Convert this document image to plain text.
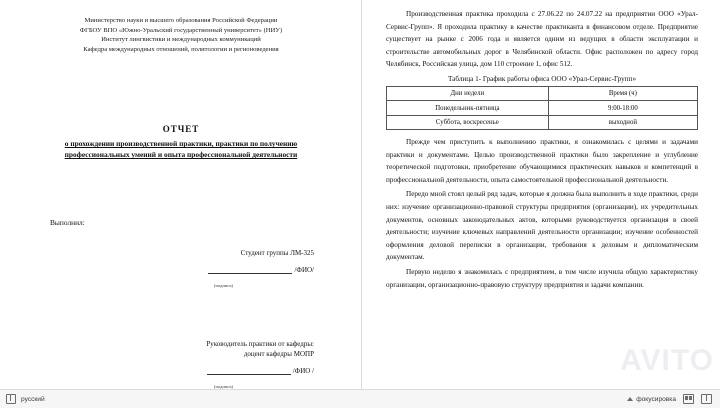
Министерство науки и высшего образования Российской Федерации
ФГБОУ ВПО «Южно-Уральский государственный университет» (НИУ)
Институт лингвистики и международных коммуникаций
Кафедра международных отношений, политологии и регионоведения
ОТЧЕТ
о прохождении производственной практики, практики по получению профессиональных умений и опыта профессиональной деятельности
Выполнил:
Студент группы ЛМ-325
/ФИО/
(подпись)
Руководитель практики от кафедры:
доцент кафедры МОПР
/ФИО /
(подпись)

Производственная практика проходила с 27.06.22 по 24.07.22 на предприятии ООО «Урал-Сервис-Групп». Я проходила практику в качестве практиканта в финансовом отделе. Предприятие существует на рынке с 2006 года и является одним из ведущих в области эксплуатации и строительстве автомобильных дорог в Челябинской области. Офис расположен по адресу город Челябинск, Российская улица, дом 110 строение 1, офис 512.

Таблица 1- График работы офиса ООО «Урал-Сервис-Групп»
Дни недели	Время (ч)
Понедельник-пятница	9:00-18:00
Суббота, воскресенье	выходной

Прежде чем приступить к выполнению практики, я ознакомилась с целями и задачами практики и документами. Целью производственной практики было закрепление и углубление теоретической подготовки, приобретение обучающимися практических навыков и компетенций в профессиональной деятельности, опыта самостоятельной профессиональной деятельности.

Передо мной стоял целый ряд задач, которые я должна была выполнить в ходе практики, среди них: изучение организационно-правовой структуры предприятия (организации), их учредительных документов, основных законодательных актов, которыми руководствуется организация в своей деятельности; изучение ключевых направлений деятельности организации; изучение особенностей оформления деловой переписки в организации, требования к деловым и дипломатическим документам.

Первую неделю я знакомилась с предприятием, в том числе изучила общую характеристику организации, организационно-правовую структуру предприятия и задачи компании.

русский	фокусировка
